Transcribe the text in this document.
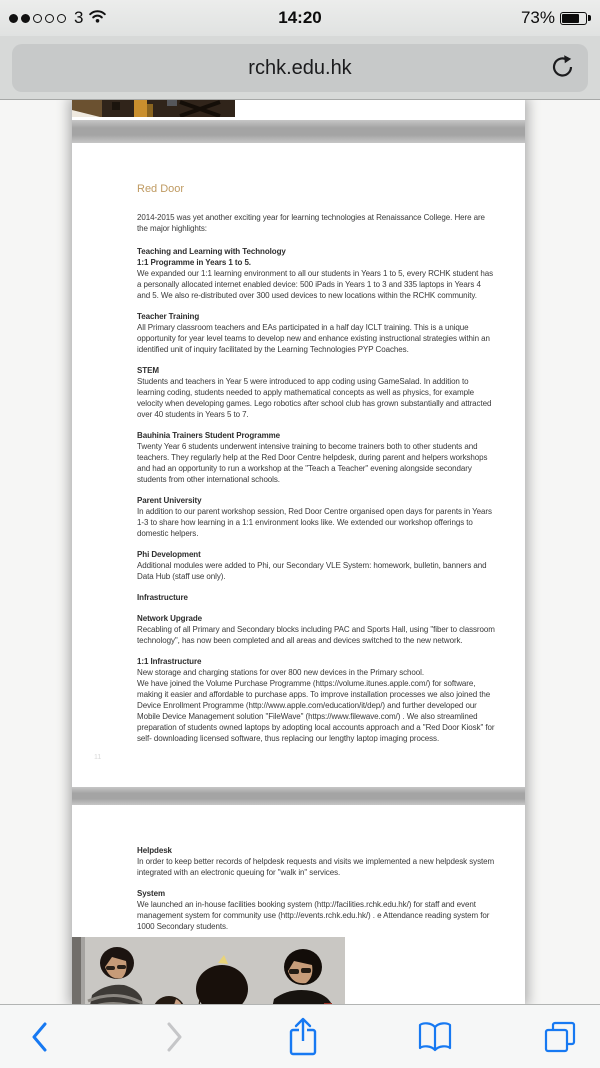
3	14:20	73%
rchk.edu.hk
Red Door

2014-2015 was yet another exciting year for learning technologies at Renaissance College. Here are the major highlights:

Teaching and Learning with Technology
1:1 Programme in Years 1 to 5.

We expanded our 1:1 learning environment to all our students in Years 1 to 5, every RCHK student has a personally allocated internet enabled device: 500 iPads in Years 1 to 3 and 335 laptops in Years 4 and 5. We also re-distributed over 300 used devices to new locations within the RCHK community.

Teacher Training

All Primary classroom teachers and EAs participated in a half day ICLT training. This is a unique opportunity for year level teams to develop new and enhance existing instructional strategies within an identified unit of inquiry facilitated by the Learning Technologies PYP Coaches.

STEM

Students and teachers in Year 5 were introduced to app coding using GameSalad. In addition to learning coding, students needed to apply mathematical concepts as well as physics, for example velocity when developing games. Lego robotics after school club has grown substantially and attracted over 40 students in Years 5 to 7.

Bauhinia Trainers Student Programme

Twenty Year 6 students underwent intensive training to become trainers both to other students and teachers. They regularly help at the Red Door Centre helpdesk, during parent and helpers workshops and had an opportunity to run a workshop at the "Teach a Teacher" evening alongside secondary students from other international schools.

Parent University

In addition to our parent workshop session, Red Door Centre organised open days for parents in Years 1-3 to share how learning in a 1:1 environment looks like. We extended our workshop offerings to domestic helpers.

Phi Development

Additional modules were added to Phi, our Secondary VLE System: homework, bulletin, banners and Data Hub (staff use only).

Infrastructure
Network Upgrade

Recabling of all Primary and Secondary blocks including PAC and Sports Hall, using "fiber to classroom technology", has now been completed and all areas and devices switched to the new network.

1:1 Infrastructure

New storage and charging stations for over 800 new devices in the Primary school.

We have joined the Volume Purchase Programme (https://volume.itunes.apple.com/) for software, making it easier and affordable to purchase apps. To improve installation processes we also joined the Device Enrollment Programme (http://www.apple.com/education/it/dep/) and further developed our Mobile Device Management solution "FileWave" (https://www.filewave.com/) . We also streamlined preparation of students owned laptops by adopting local accounts approach and a "Red Door Kiosk" for self- downloading licensed software, thus replacing our lengthy laptop imaging process.

11
Helpdesk

In order to keep better records of helpdesk requests and visits we implemented a new helpdesk system integrated with an electronic queuing for "walk in" services.

System

We launched an in-house facilities booking system (http://facilities.rchk.edu.hk/) for staff and event management system for community use (http://events.rchk.edu.hk/) . e Attendance reading system for 1000 Secondary students.
